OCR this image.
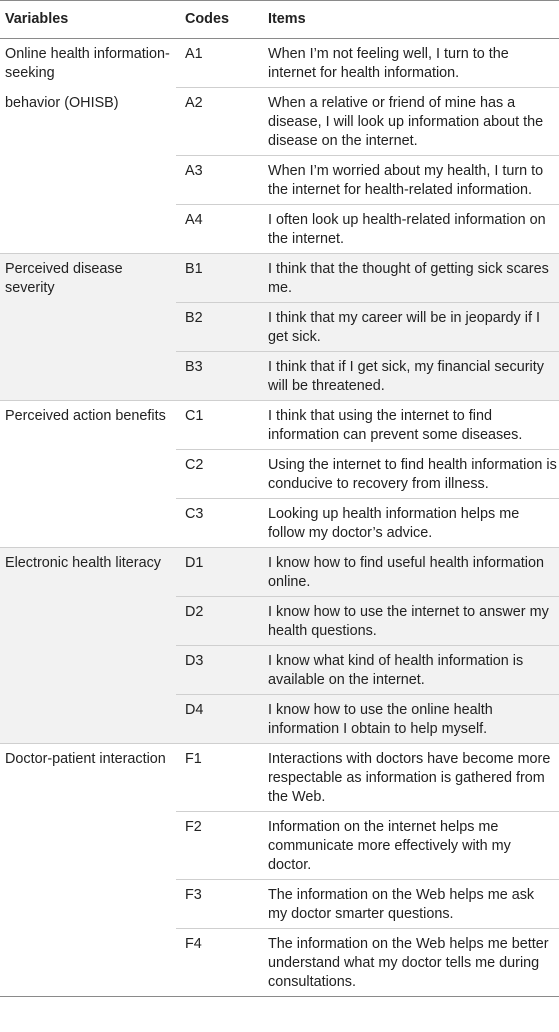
Variables	Codes	Items
Online health information-seeking	A1	When I’m not feeling well, I turn to the internet for health information.
behavior (OHISB)	A2	When a relative or friend of mine has a disease, I will look up information about the disease on the internet.
	A3	When I’m worried about my health, I turn to the internet for health-related information.
	A4	I often look up health-related information on the internet.
Perceived disease severity	B1	I think that the thought of getting sick scares me.
	B2	I think that my career will be in jeopardy if I get sick.
	B3	I think that if I get sick, my financial security will be threatened.
Perceived action benefits	C1	I think that using the internet to find information can prevent some diseases.
	C2	Using the internet to find health information is conducive to recovery from illness.
	C3	Looking up health information helps me follow my doctor’s advice.
Electronic health literacy	D1	I know how to find useful health information online.
	D2	I know how to use the internet to answer my health questions.
	D3	I know what kind of health information is available on the internet.
	D4	I know how to use the online health information I obtain to help myself.
Doctor-patient interaction	F1	Interactions with doctors have become more respectable as information is gathered from the Web.
	F2	Information on the internet helps me communicate more effectively with my doctor.
	F3	The information on the Web helps me ask my doctor smarter questions.
	F4	The information on the Web helps me better understand what my doctor tells me during consultations.
